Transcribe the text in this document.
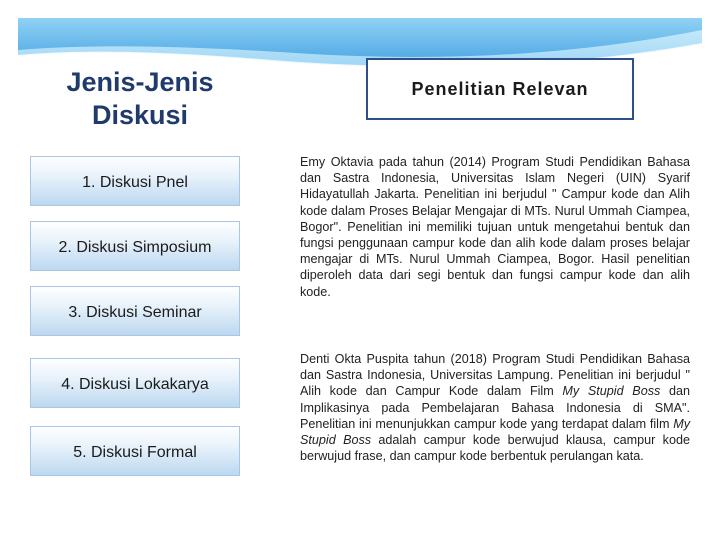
Jenis-Jenis Diskusi
Penelitian Relevan
1. Diskusi Pnel
2. Diskusi Simposium
3. Diskusi Seminar
4. Diskusi Lokakarya
5. Diskusi Formal
Emy Oktavia pada tahun (2014) Program Studi Pendidikan Bahasa dan Sastra Indonesia, Universitas Islam Negeri (UIN) Syarif Hidayatullah Jakarta. Penelitian ini berjudul " Campur kode dan Alih kode dalam Proses Belajar Mengajar di MTs. Nurul Ummah Ciampea, Bogor". Penelitian ini memiliki tujuan untuk mengetahui bentuk dan fungsi penggunaan campur kode dan alih kode dalam proses belajar mengajar di MTs. Nurul Ummah Ciampea, Bogor. Hasil penelitian diperoleh data dari segi bentuk dan fungsi campur kode dan alih kode.
Denti Okta Puspita tahun (2018) Program Studi Pendidikan Bahasa dan Sastra Indonesia, Universitas Lampung. Penelitian ini berjudul " Alih kode dan Campur Kode dalam Film My Stupid Boss dan Implikasinya pada Pembelajaran Bahasa Indonesia di SMA". Penelitian ini menunjukkan campur kode yang terdapat dalam film My Stupid Boss adalah campur kode berwujud klausa, campur kode berwujud frase, dan campur kode berbentuk perulangan kata.
